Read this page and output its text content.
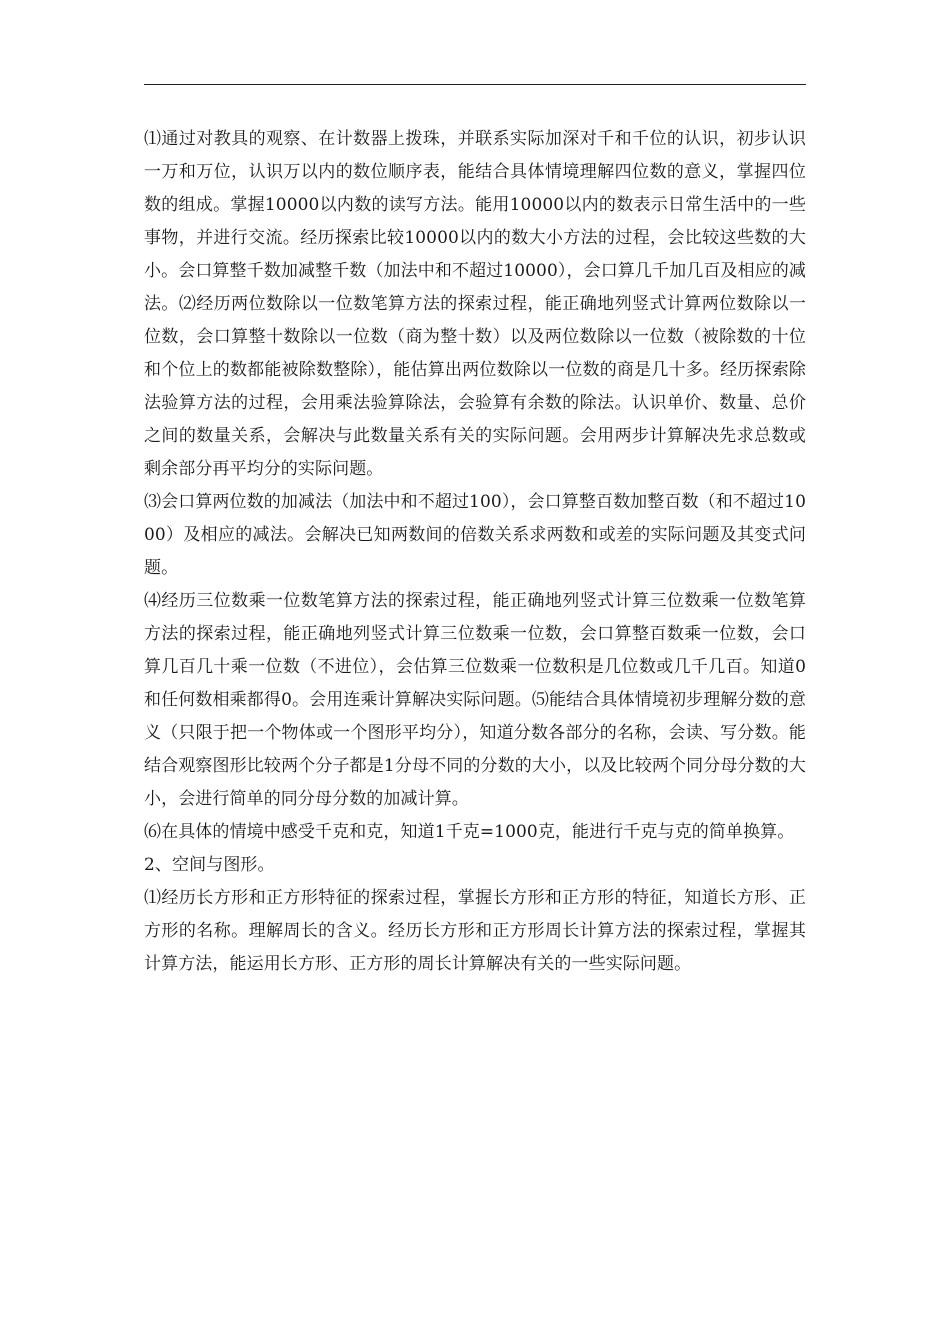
⑴通过对教具的观察、在计数器上拨珠，并联系实际加深对千和千位的认识，初步认识一万和万位，认识万以内的数位顺序表，能结合具体情境理解四位数的意义，掌握四位数的组成。掌握10000以内数的读写方法。能用10000以内的数表示日常生活中的一些事物，并进行交流。经历探索比较10000以内的数大小方法的过程，会比较这些数的大小。会口算整千数加减整千数（加法中和不超过10000），会口算几千加几百及相应的减法。⑵经历两位数除以一位数笔算方法的探索过程，能正确地列竖式计算两位数除以一位数，会口算整十数除以一位数（商为整十数）以及两位数除以一位数（被除数的十位和个位上的数都能被除数整除），能估算出两位数除以一位数的商是几十多。经历探索除法验算方法的过程，会用乘法验算除法，会验算有余数的除法。认识单价、数量、总价之间的数量关系，会解决与此数量关系有关的实际问题。会用两步计算解决先求总数或剩余部分再平均分的实际问题。

⑶会口算两位数的加减法（加法中和不超过100），会口算整百数加整百数（和不超过1000）及相应的减法。会解决已知两数间的倍数关系求两数和或差的实际问题及其变式问题。

⑷经历三位数乘一位数笔算方法的探索过程，能正确地列竖式计算三位数乘一位数笔算方法的探索过程，能正确地列竖式计算三位数乘一位数，会口算整百数乘一位数，会口算几百几十乘一位数（不进位），会估算三位数乘一位数积是几位数或几千几百。知道0和任何数相乘都得0。会用连乘计算解决实际问题。⑸能结合具体情境初步理解分数的意义（只限于把一个物体或一个图形平均分），知道分数各部分的名称，会读、写分数。能结合观察图形比较两个分子都是1分母不同的分数的大小，以及比较两个同分母分数的大小，会进行简单的同分母分数的加减计算。

⑹在具体的情境中感受千克和克，知道1千克=1000克，能进行千克与克的简单换算。

2、空间与图形。

⑴经历长方形和正方形特征的探索过程，掌握长方形和正方形的特征，知道长方形、正方形的名称。理解周长的含义。经历长方形和正方形周长计算方法的探索过程，掌握其计算方法，能运用长方形、正方形的周长计算解决有关的一些实际问题。
